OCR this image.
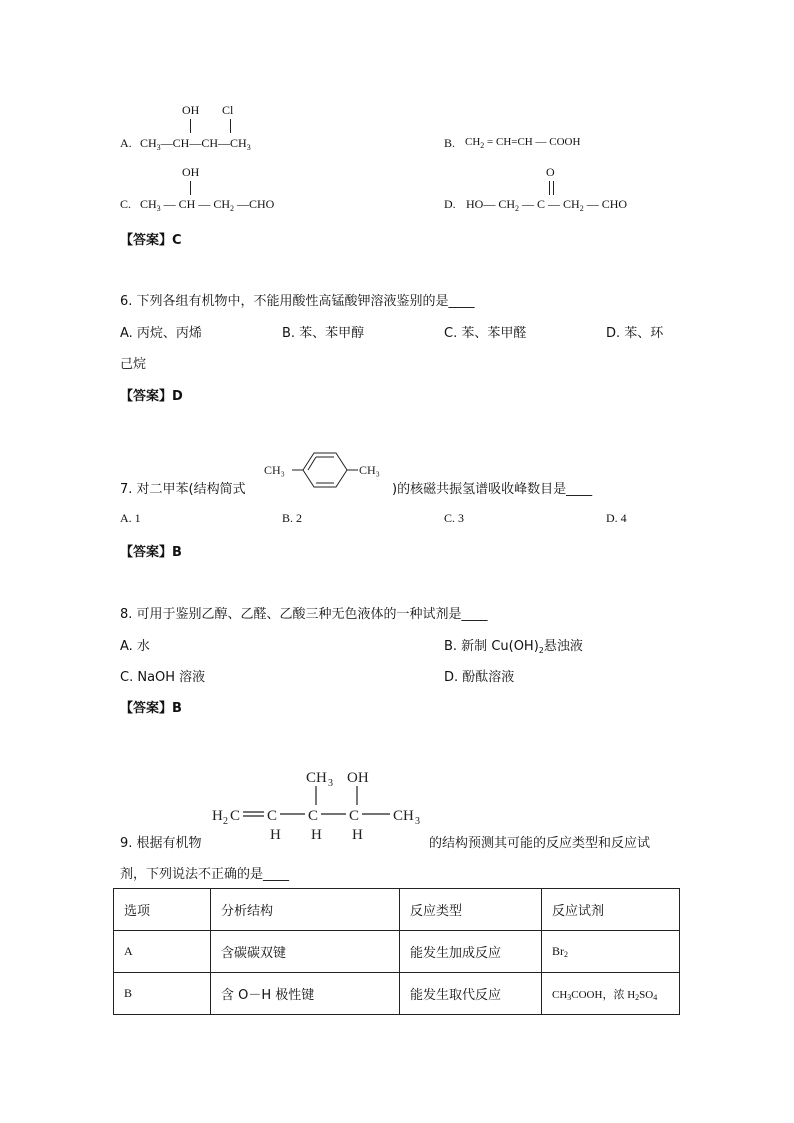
OH Cl
A. $CH_3—CH—CH—CH_3$	B. $CH_2 = CH=CH$ — COOH
OH
C. $CH_3$ — CH — $CH_2$ —CHO
O
D. HO— $CH_2$ — C — $CH_2$ — CHO
【答案】C
6. 下列各组有机物中，不能用酸性高锰酸钾溶液鉴别的是____
A. 丙烷、丙烯	B. 苯、苯甲醇	C. 苯、苯甲醛	D. 苯、环
己烷
【答案】D
7. 对二甲苯(结构简式
CH₃	CH₃
)的核磁共振氢谱吸收峰数目是____
A. 1	B. 2	C. 3	D. 4
【答案】B
8. 可用于鉴别乙醇、乙醛、乙酸三种无色液体的一种试剂是____
A. 水	B. 新制 $Cu(OH)_2$悬浊液
C. NaOH 溶液	D. 酚酞溶液
【答案】B
9. 根据有机物
H 2 C C
H
C
H
CH 3
C
H
OH
CH 3
的结构预测其可能的反应类型和反应试
剂，下列说法不正确的是____
选项	分析结构	反应类型	反应试剂
A	含碳碳双键	能发生加成反应	Br2
B	含 O－H 极性键	能发生取代反应	CH3COOH，浓 H2SO4
